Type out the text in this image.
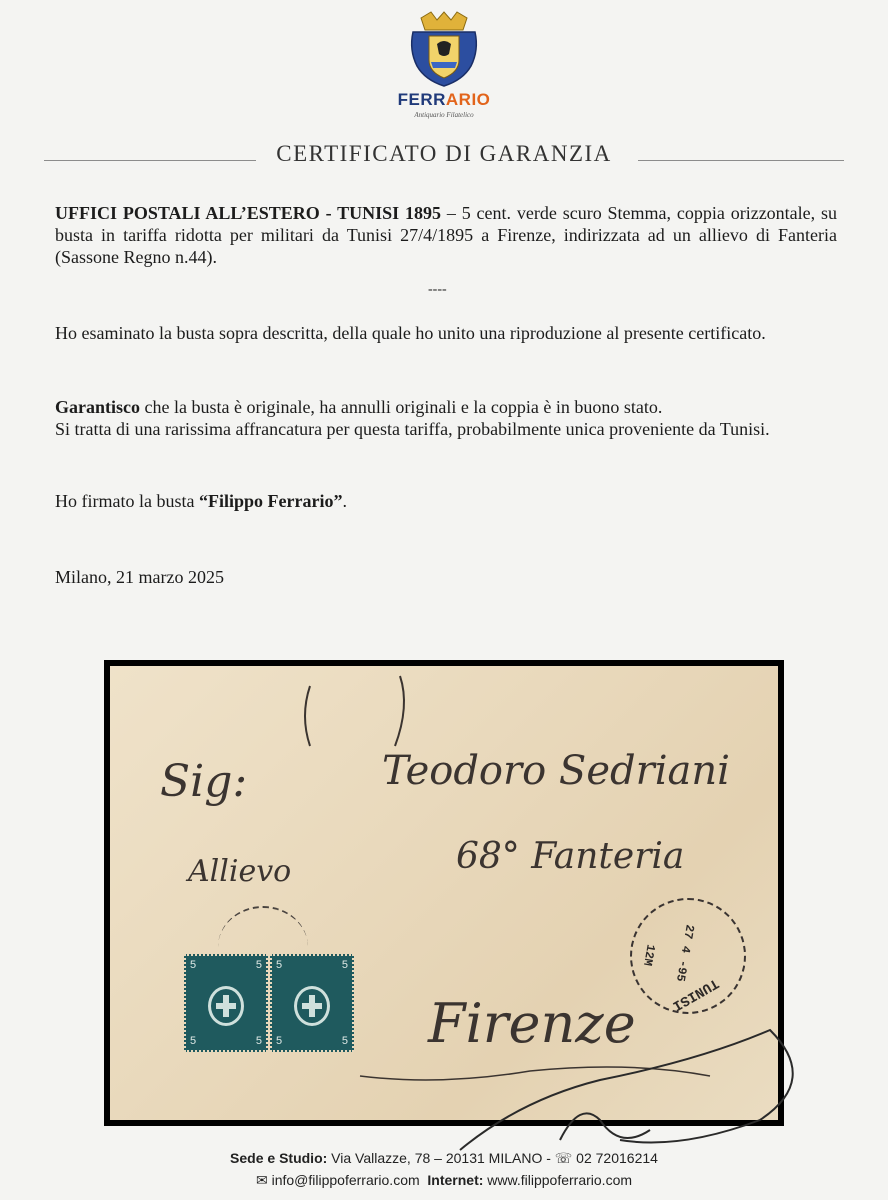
FERRARIO
Antiquario Filatelico
CERTIFICATO DI GARANZIA

UFFICI POSTALI ALL’ESTERO - TUNISI 1895 – 5 cent. verde scuro Stemma, coppia orizzontale, su busta in tariffa ridotta per militari da Tunisi 27/4/1895 a Firenze, indirizzata ad un allievo di Fanteria (Sassone Regno n.44).

----

Ho esaminato la busta sopra descritta, della quale ho unito una riproduzione al presente certificato.

Garantisco che la busta è originale, ha annulli originali e la coppia è in buono stato.
Si tratta di una rarissima affrancatura per questa tariffa, probabilmente unica proveniente da Tunisi.

Ho firmato la busta “Filippo Ferrario”.

Milano, 21 marzo 2025

Sig:	Teodoro Sedriani
Allievo	68° Fanteria
Firenze
5	5
5	5
5	5
5	5
TUNISI
27 4 -95
12M
Sede e Studio: Via Vallazze, 78 – 20131 MILANO - ☏ 02 72016214
✉ info@filippoferrario.com Internet: www.filippoferrario.com
